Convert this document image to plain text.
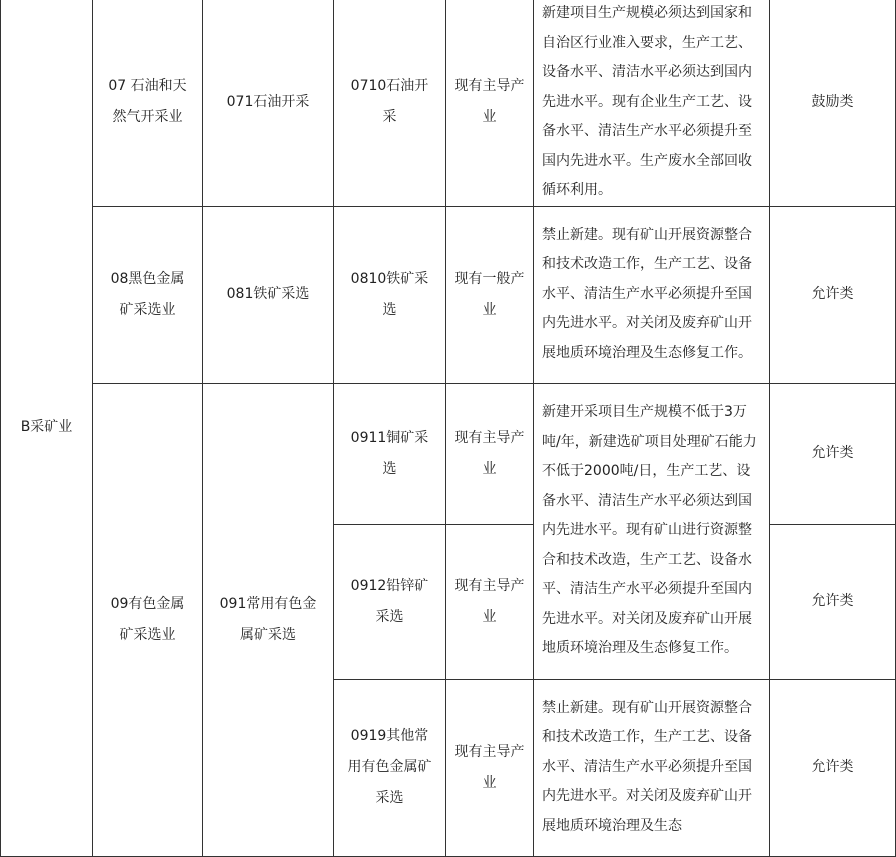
B采矿业	07 石油和天然气开采业	071石油开采	0710石油开采	现有主导产业	新建项目生产规模必须达到国家和自治区行业准入要求，生产工艺、设备水平、清洁水平必须达到国内先进水平。现有企业生产工艺、设备水平、清洁生产水平必须提升至国内先进水平。生产废水全部回收循环利用。	鼓励类
	08黑色金属矿采选业	081铁矿采选	0810铁矿采选	现有一般产业	禁止新建。现有矿山开展资源整合和技术改造工作，生产工艺、设备水平、清洁生产水平必须提升至国内先进水平。对关闭及废弃矿山开展地质环境治理及生态修复工作。	允许类
	09有色金属矿采选业	091常用有色金属矿采选	0911铜矿采选	现有主导产业	新建开采项目生产规模不低于3万吨/年，新建选矿项目处理矿石能力不低于2000吨/日，生产工艺、设备水平、清洁生产水平必须达到国内先进水平。现有矿山进行资源整合和技术改造，生产工艺、设备水平、清洁生产水平必须提升至国内先进水平。对关闭及废弃矿山开展地质环境治理及生态修复工作。	允许类
			0912铅锌矿采选	现有主导产业		允许类
			0919其他常用有色金属矿采选	现有主导产业	禁止新建。现有矿山开展资源整合和技术改造工作，生产工艺、设备水平、清洁生产水平必须提升至国内先进水平。对关闭及废弃矿山开展地质环境治理及生态	允许类
